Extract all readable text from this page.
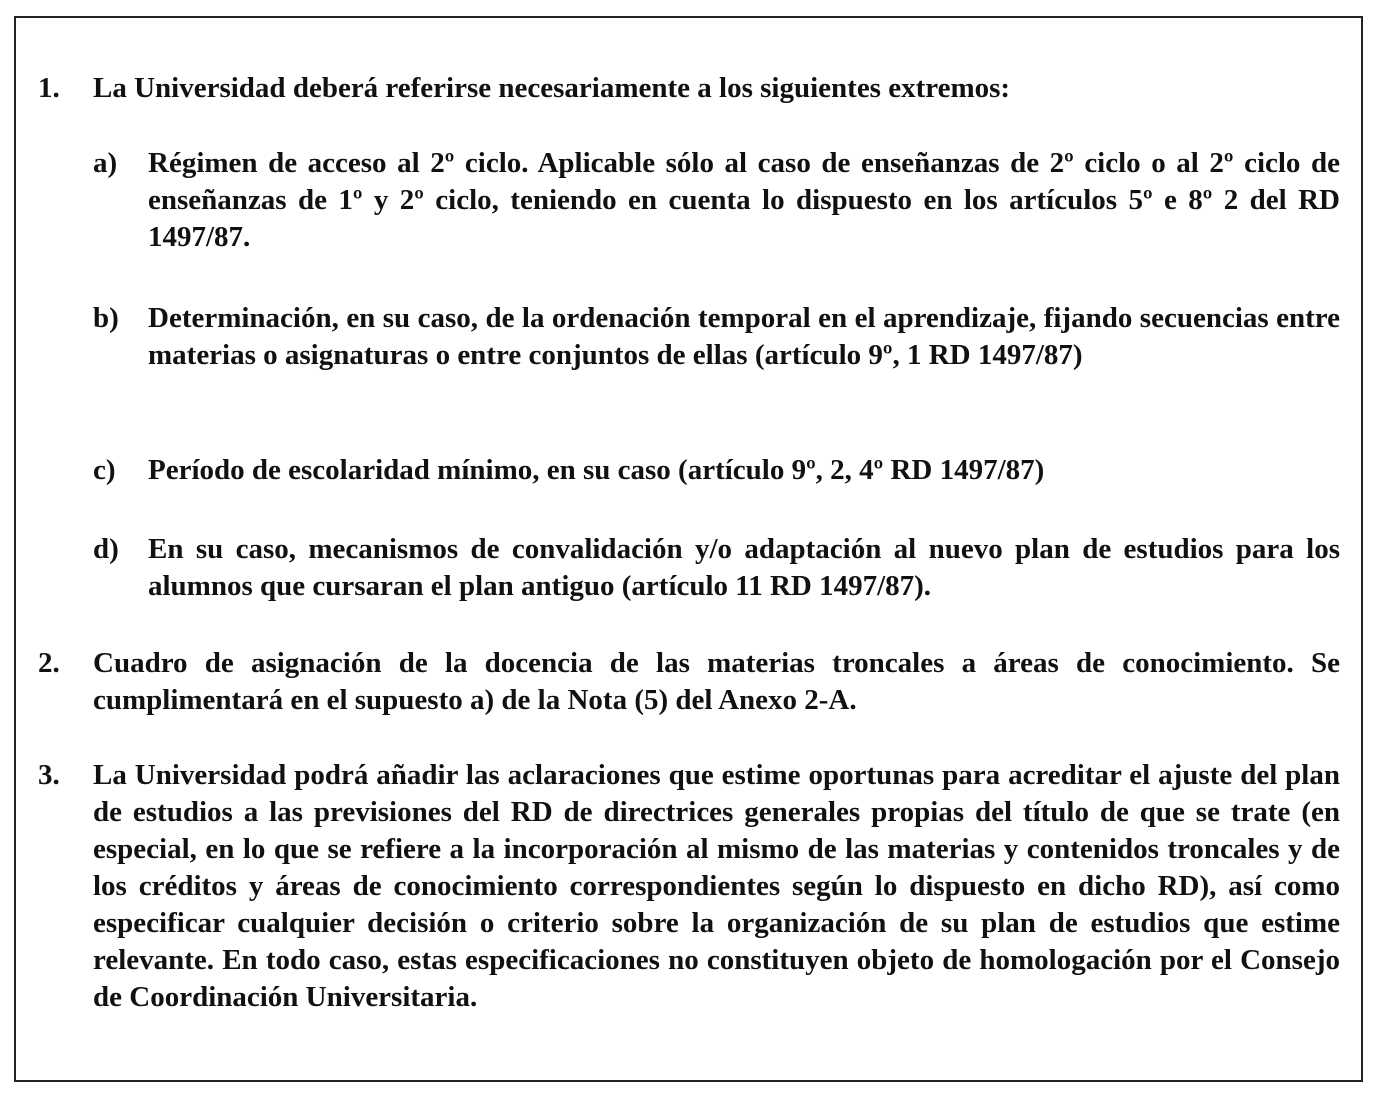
1.	La Universidad deberá referirse necesariamente a los siguientes extremos:
a)	Régimen de acceso al 2º ciclo. Aplicable sólo al caso de enseñanzas de 2º ciclo o al 2º ciclo de enseñanzas de 1º y 2º ciclo, teniendo en cuenta lo dispuesto en los artículos 5º e 8º 2 del RD 1497/87.
b)	Determinación, en su caso, de la ordenación temporal en el aprendizaje, fijando secuencias entre materias o asignaturas o entre conjuntos de ellas (artículo 9º, 1 RD 1497/87)
c)	Período de escolaridad mínimo, en su caso (artículo 9º, 2, 4º RD 1497/87)
d)	En su caso, mecanismos de convalidación y/o adaptación al nuevo plan de estudios para los alumnos que cursaran el plan antiguo (artículo 11 RD 1497/87).
2.	Cuadro de asignación de la docencia de las materias troncales a áreas de conocimiento. Se cumplimentará en el supuesto a) de la Nota (5) del Anexo 2-A.
3.	La Universidad podrá añadir las aclaraciones que estime oportunas para acreditar el ajuste del plan de estudios a las previsiones del RD de directrices generales propias del título de que se trate (en especial, en lo que se refiere a la incorporación al mismo de las materias y contenidos troncales y de los créditos y áreas de conocimiento correspondientes según lo dispuesto en dicho RD), así como especificar cualquier decisión o criterio sobre la organización de su plan de estudios que estime relevante. En todo caso, estas especificaciones no constituyen objeto de homologación por el Consejo de Coordinación Universitaria.
